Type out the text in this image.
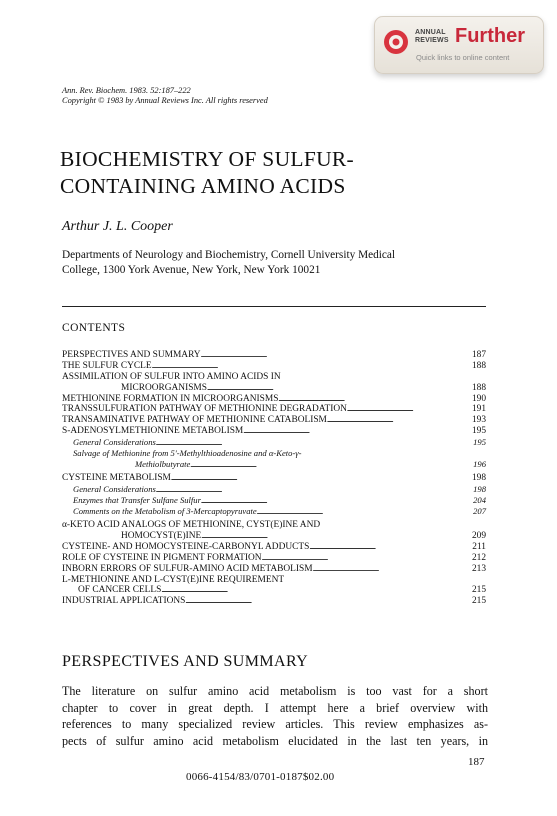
ANNUAL
REVIEWS Further
Quick links to online content
Ann. Rev. Biochem. 1983. 52:187–222
Copyright © 1983 by Annual Reviews Inc. All rights reserved
BIOCHEMISTRY OF SULFUR-
CONTAINING AMINO ACIDS
Arthur J. L. Cooper
Departments of Neurology and Biochemistry, Cornell University Medical
College, 1300 York Avenue, New York, New York 10021
CONTENTS
PERSPECTIVES AND SUMMARY . . .	187
THE SULFUR CYCLE . . .	188
ASSIMILATION OF SULFUR INTO AMINO ACIDS IN
MICROORGANISMS . . .	188
METHIONINE FORMATION IN MICROORGANISMS . . .	190
TRANSSULFURATION PATHWAY OF METHIONINE DEGRADATION . . .	191
TRANSAMINATIVE PATHWAY OF METHIONINE CATABOLISM . . .	193
S-ADENOSYLMETHIONINE METABOLISM . . .	195
General Considerations . . .	195
Salvage of Methionine from 5′-Methylthioadenosine and α-Keto-γ-
Methiolbutyrate . . .	196
CYSTEINE METABOLISM . . .	198
General Considerations . . .	198
Enzymes that Transfer Sulfane Sulfur . . .	204
Comments on the Metabolism of 3-Mercaptopyruvate . . .	207
α-KETO ACID ANALOGS OF METHIONINE, CYST(E)INE AND
HOMOCYST(E)INE . . .	209
CYSTEINE- AND HOMOCYSTEINE-CARBONYL ADDUCTS . . .	211
ROLE OF CYSTEINE IN PIGMENT FORMATION . . .	212
INBORN ERRORS OF SULFUR-AMINO ACID METABOLISM . . .	213
L-METHIONINE AND L-CYST(E)INE REQUIREMENT
OF CANCER CELLS . . .	215
INDUSTRIAL APPLICATIONS . . .	215
PERSPECTIVES AND SUMMARY
The literature on sulfur amino acid metabolism is too vast for a short
chapter to cover in great depth. I attempt here a brief overview with
references to many specialized review articles. This review emphasizes as-
pects of sulfur amino acid metabolism elucidated in the last ten years, in
187
0066-4154/83/0701-0187$02.00
